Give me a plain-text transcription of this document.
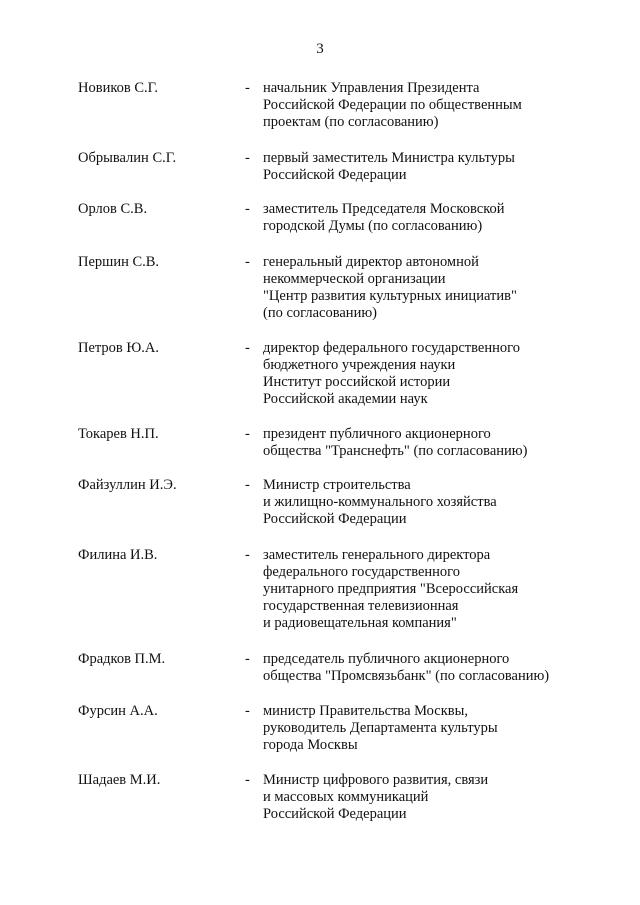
3
Новиков С.Г.	- начальник Управления Президента
Российской Федерации по общественным
проектам (по согласованию)
Обрывалин С.Г.	- первый заместитель Министра культуры
Российской Федерации
Орлов С.В.	- заместитель Председателя Московской
городской Думы (по согласованию)
Першин С.В.	- генеральный директор автономной
некоммерческой организации
"Центр развития культурных инициатив"
(по согласованию)
Петров Ю.А.	- директор федерального государственного
бюджетного учреждения науки
Институт российской истории
Российской академии наук
Токарев Н.П.	- президент публичного акционерного
общества "Транснефть" (по согласованию)
Файзуллин И.Э.	- Министр строительства
и жилищно-коммунального хозяйства
Российской Федерации
Филина И.В.	- заместитель генерального директора
федерального государственного
унитарного предприятия "Всероссийская
государственная телевизионная
и радиовещательная компания"
Фрадков П.М.	- председатель публичного акционерного
общества "Промсвязьбанк" (по согласованию)
Фурсин А.А.	- министр Правительства Москвы,
руководитель Департамента культуры
города Москвы
Шадаев М.И.	- Министр цифрового развития, связи
и массовых коммуникаций
Российской Федерации
